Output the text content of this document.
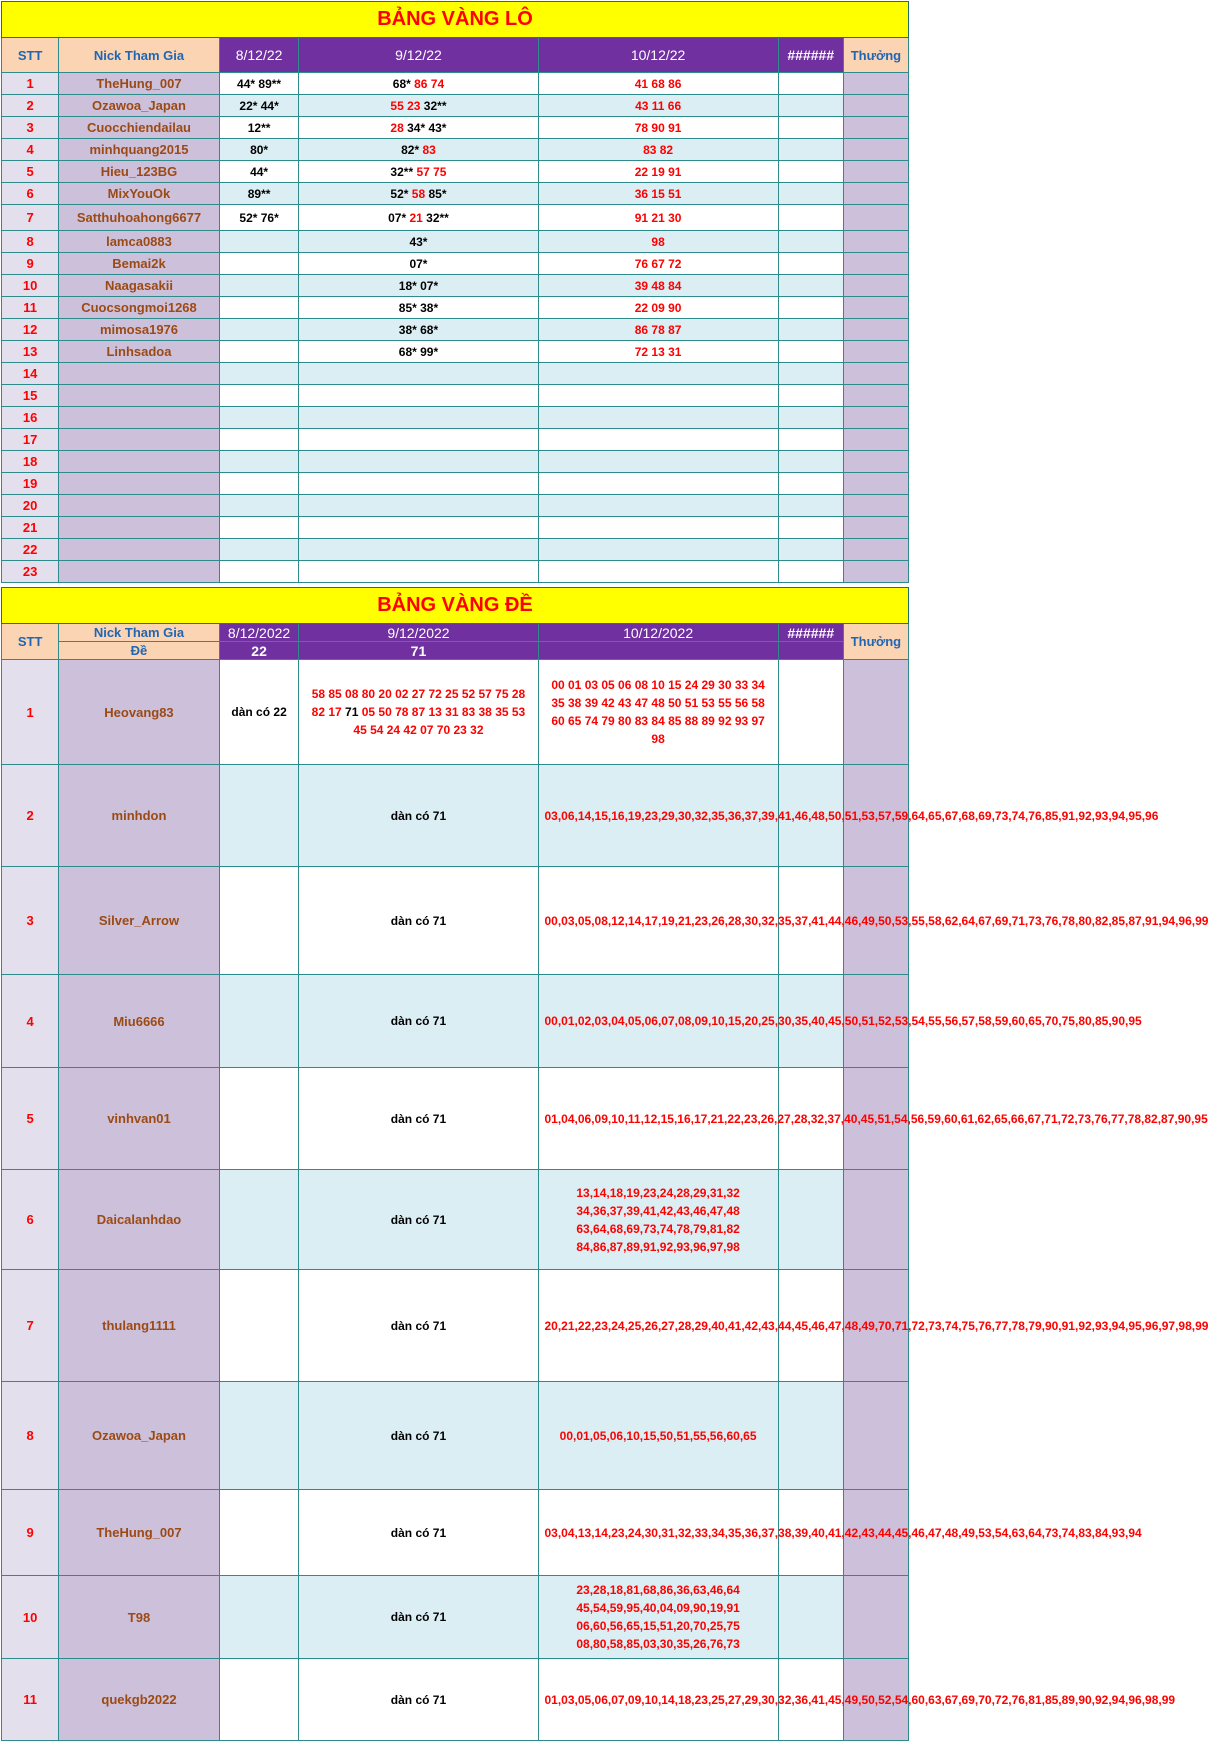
BẢNG VÀNG LÔ						
STT	Nick Tham Gia	8/12/22	9/12/22	10/12/22	######	Thưởng
1	TheHung_007	44* 89**	68* 86 74	41 68 86		
2	Ozawoa_Japan	22* 44*	55 23 32**	43 11 66		
3	Cuocchiendailau	12**	28 34* 43*	78 90 91		
4	minhquang2015	80*	82* 83	83 82		
5	Hieu_123BG	44*	32** 57 75	22 19 91		
6	MixYouOk	89**	52* 58 85*	36 15 51		
7	Satthuhoahong6677	52* 76*	07* 21 32**	91 21 30		
8	lamca0883		43*	98		
9	Bemai2k		07*	76 67 72		
10	Naagasakii		18* 07*	39 48 84		
11	Cuocsongmoi1268		85* 38*	22 09 90		
12	mimosa1976		38* 68*	86 78 87		
13	Linhsadoa		68* 99*	72 13 31		
14						
15						
16						
17						
18						
19						
20						
21						
22						
23						
BẢNG VÀNG ĐỀ						
STT	Nick Tham Gia	8/12/2022	9/12/2022	10/12/2022	######	Thưởng
	Đề	22	71			
1	Heovang83	dàn có 22	58 85 08 80 20 02 27 72 25 52 57 75 28 82 17 71 05 50 78 87 13 31 83 38 35 53 45 54 24 42 07 70 23 32	00 01 03 05 06 08 10 15 24 29 30 33 34 35 38 39 42 43 47 48 50 51 53 55 56 58 60 65 74 79 80 83 84 85 88 89 92 93 97 98		
2	minhdon		dàn có 71	03,06,14,15,16,19,23,29,30,32,35,36,37,39,41,46,48,50,51,53,57,59,64,65,67,68,69,73,74,76,85,91,92,93,94,95,96		
3	Silver_Arrow		dàn có 71	00,03,05,08,12,14,17,19,21,23,26,28,30,32,35,37,41,44,46,49,50,53,55,58,62,64,67,69,71,73,76,78,80,82,85,87,91,94,96,99		
4	Miu6666		dàn có 71	00,01,02,03,04,05,06,07,08,09,10,15,20,25,30,35,40,45,50,51,52,53,54,55,56,57,58,59,60,65,70,75,80,85,90,95		
5	vinhvan01		dàn có 71	01,04,06,09,10,11,12,15,16,17,21,22,23,26,27,28,32,37,40,45,51,54,56,59,60,61,62,65,66,67,71,72,73,76,77,78,82,87,90,95		
6	Daicalanhdao		dàn có 71	13,14,18,19,23,24,28,29,31,32 34,36,37,39,41,42,43,46,47,48 63,64,68,69,73,74,78,79,81,82 84,86,87,89,91,92,93,96,97,98		
7	thulang1111		dàn có 71	20,21,22,23,24,25,26,27,28,29,40,41,42,43,44,45,46,47,48,49,70,71,72,73,74,75,76,77,78,79,90,91,92,93,94,95,96,97,98,99		
8	Ozawoa_Japan		dàn có 71	00,01,05,06,10,15,50,51,55,56,60,65		
9	TheHung_007		dàn có 71	03,04,13,14,23,24,30,31,32,33,34,35,36,37,38,39,40,41,42,43,44,45,46,47,48,49,53,54,63,64,73,74,83,84,93,94		
10	T98		dàn có 71	23,28,18,81,68,86,36,63,46,64 45,54,59,95,40,04,09,90,19,91 06,60,56,65,15,51,20,70,25,75 08,80,58,85,03,30,35,26,76,73		
11	quekgb2022		dàn có 71	01,03,05,06,07,09,10,14,18,23,25,27,29,30,32,36,41,45,49,50,52,54,60,63,67,69,70,72,76,81,85,89,90,92,94,96,98,99		
